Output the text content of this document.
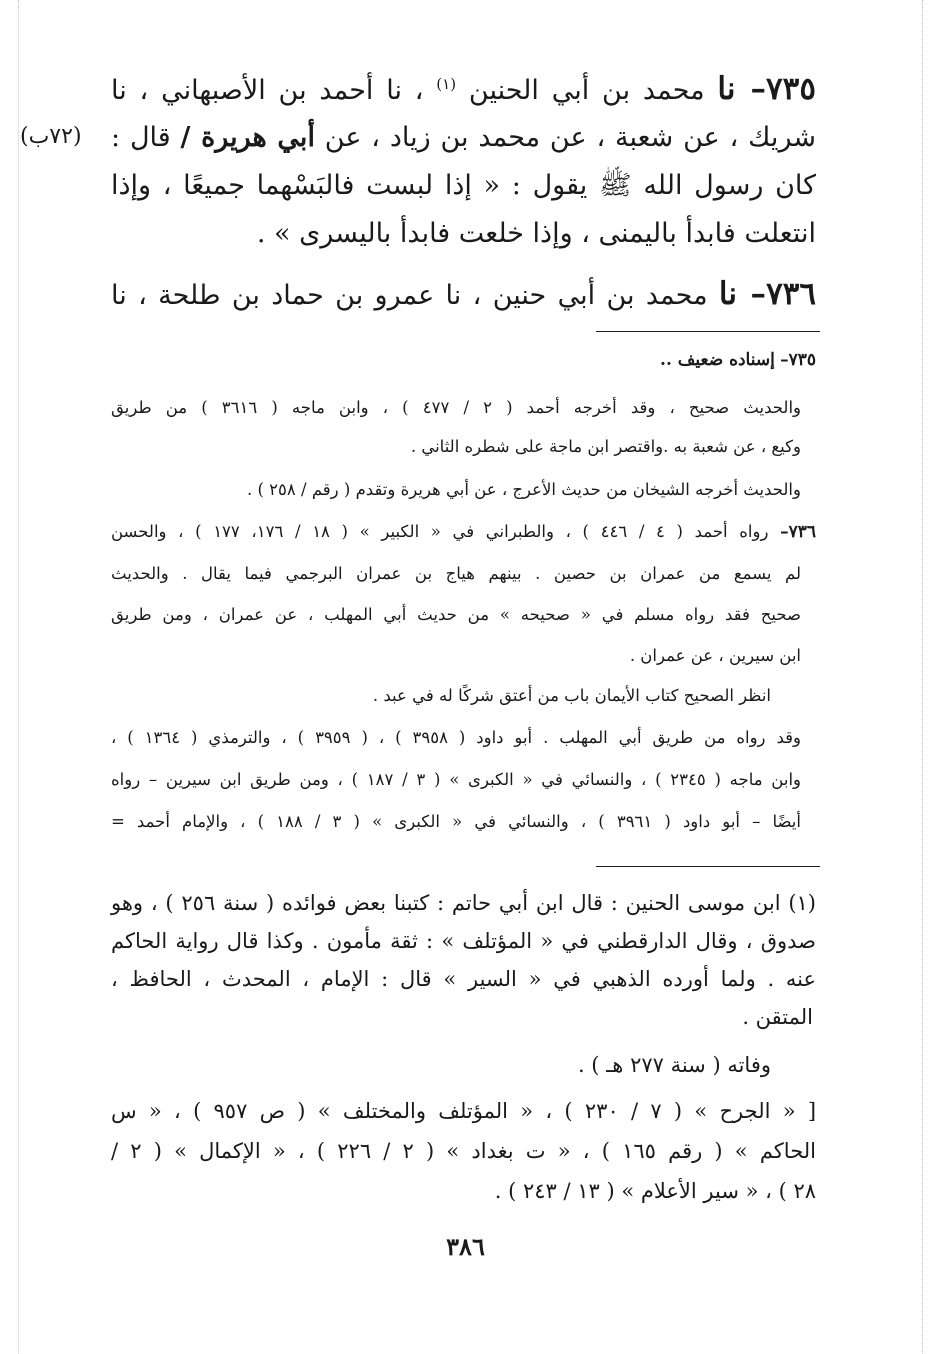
٧٣٥– نا محمد بن أبي الحنين $^{(١)}$ ، نا أحمد بن الأصبهاني ، نا
(٧٢ب)	شريك ، عن شعبة ، عن محمد بن زياد ، عن أبي هريرة / قال :
كان رسول الله ﷺ يقول : « إذا لبست فالبَسْهما جميعًا ، وإذا
انتعلت فابدأ باليمنى ، وإذا خلعت فابدأ باليسرى » .
٧٣٦– نا محمد بن أبي حنين ، نا عمرو بن حماد بن طلحة ، نا
٧٣٥– إسناده ضعيف ..
والحديث صحيح ، وقد أخرجه أحمد ( ٢ / ٤٧٧ ) ، وابن ماجه ( ٣٦١٦ ) من طريق
وكيع ، عن شعبة به .واقتصر ابن ماجة على شطره الثاني .
والحديث أخرجه الشيخان من حديث الأعرج ، عن أبي هريرة وتقدم ( رقم / ٢٥٨ ) .
٧٣٦– رواه أحمد ( ٤ / ٤٤٦ ) ، والطبراني في « الكبير » ( ١٨ / ١٧٦، ١٧٧ ) ، والحسن
لم يسمع من عمران بن حصين . بينهم هياج بن عمران البرجمي فيما يقال . والحديث
صحيح فقد رواه مسلم في « صحيحه » من حديث أبي المهلب ، عن عمران ، ومن طريق
ابن سيرين ، عن عمران .
انظر الصحيح كتاب الأيمان باب من أعتق شركًا له في عبد .
وقد رواه من طريق أبي المهلب . أبو داود ( ٣٩٥٨ ) ، ( ٣٩٥٩ ) ، والترمذي ( ١٣٦٤ ) ،
وابن ماجه ( ٢٣٤٥ ) ، والنسائي في « الكبرى » ( ٣ / ١٨٧ ) ، ومن طريق ابن سيرين – رواه
أيضًا – أبو داود ( ٣٩٦١ ) ، والنسائي في « الكبرى » ( ٣ / ١٨٨ ) ، والإمام أحمد =
(١) ابن موسى الحنين : قال ابن أبي حاتم : كتبنا بعض فوائده ( سنة ٢٥٦ ) ، وهو
صدوق ، وقال الدارقطني في « المؤتلف » : ثقة مأمون . وكذا قال رواية الحاكم
عنه . ولما أورده الذهبي في « السير » قال : الإمام ، المحدث ، الحافظ ،
المتقن .
وفاته ( سنة ٢٧٧ هـ ) .
[ « الجرح » ( ٧ / ٢٣٠ ) ، « المؤتلف والمختلف » ( ص ٩٥٧ ) ، « س
الحاكم » ( رقم ١٦٥ ) ، « ت بغداد » ( ٢ / ٢٢٦ ) ، « الإكمال » ( ٢ /
٢٨ ) ، « سير الأعلام » ( ١٣ / ٢٤٣ ) .
٣٨٦
